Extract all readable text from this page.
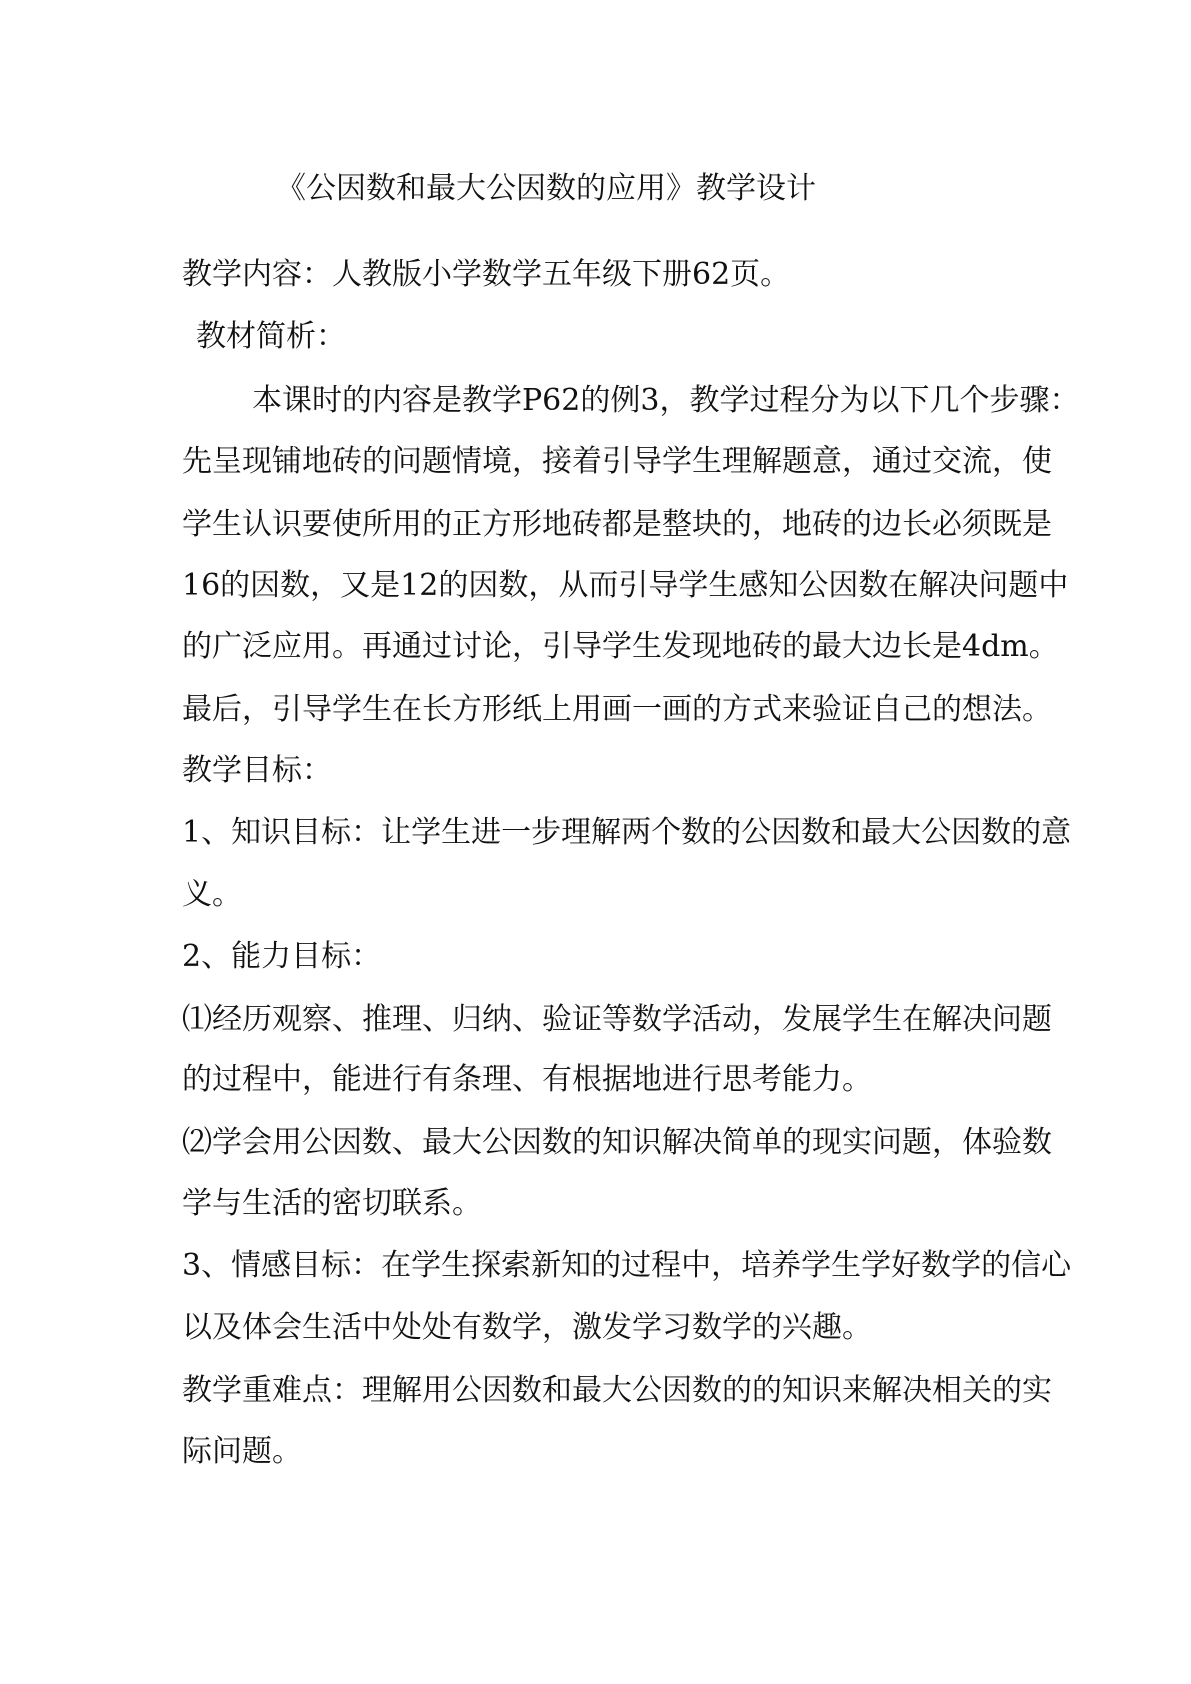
《公因数和最大公因数的应用》教学设计
教学内容：人教版小学数学五年级下册62页。
教材简析：
本课时的内容是教学P62的例3，教学过程分为以下几个步骤：
先呈现铺地砖的问题情境，接着引导学生理解题意，通过交流，使
学生认识要使所用的正方形地砖都是整块的，地砖的边长必须既是
16的因数，又是12的因数，从而引导学生感知公因数在解决问题中
的广泛应用。再通过讨论，引导学生发现地砖的最大边长是4dm。
最后，引导学生在长方形纸上用画一画的方式来验证自己的想法。
教学目标：
1、知识目标：让学生进一步理解两个数的公因数和最大公因数的意
义。
2、能力目标：
⑴经历观察、推理、归纳、验证等数学活动，发展学生在解决问题
的过程中，能进行有条理、有根据地进行思考能力。
⑵学会用公因数、最大公因数的知识解决简单的现实问题，体验数
学与生活的密切联系。
3、情感目标：在学生探索新知的过程中，培养学生学好数学的信心
以及体会生活中处处有数学，激发学习数学的兴趣。
教学重难点：理解用公因数和最大公因数的的知识来解决相关的实
际问题。
